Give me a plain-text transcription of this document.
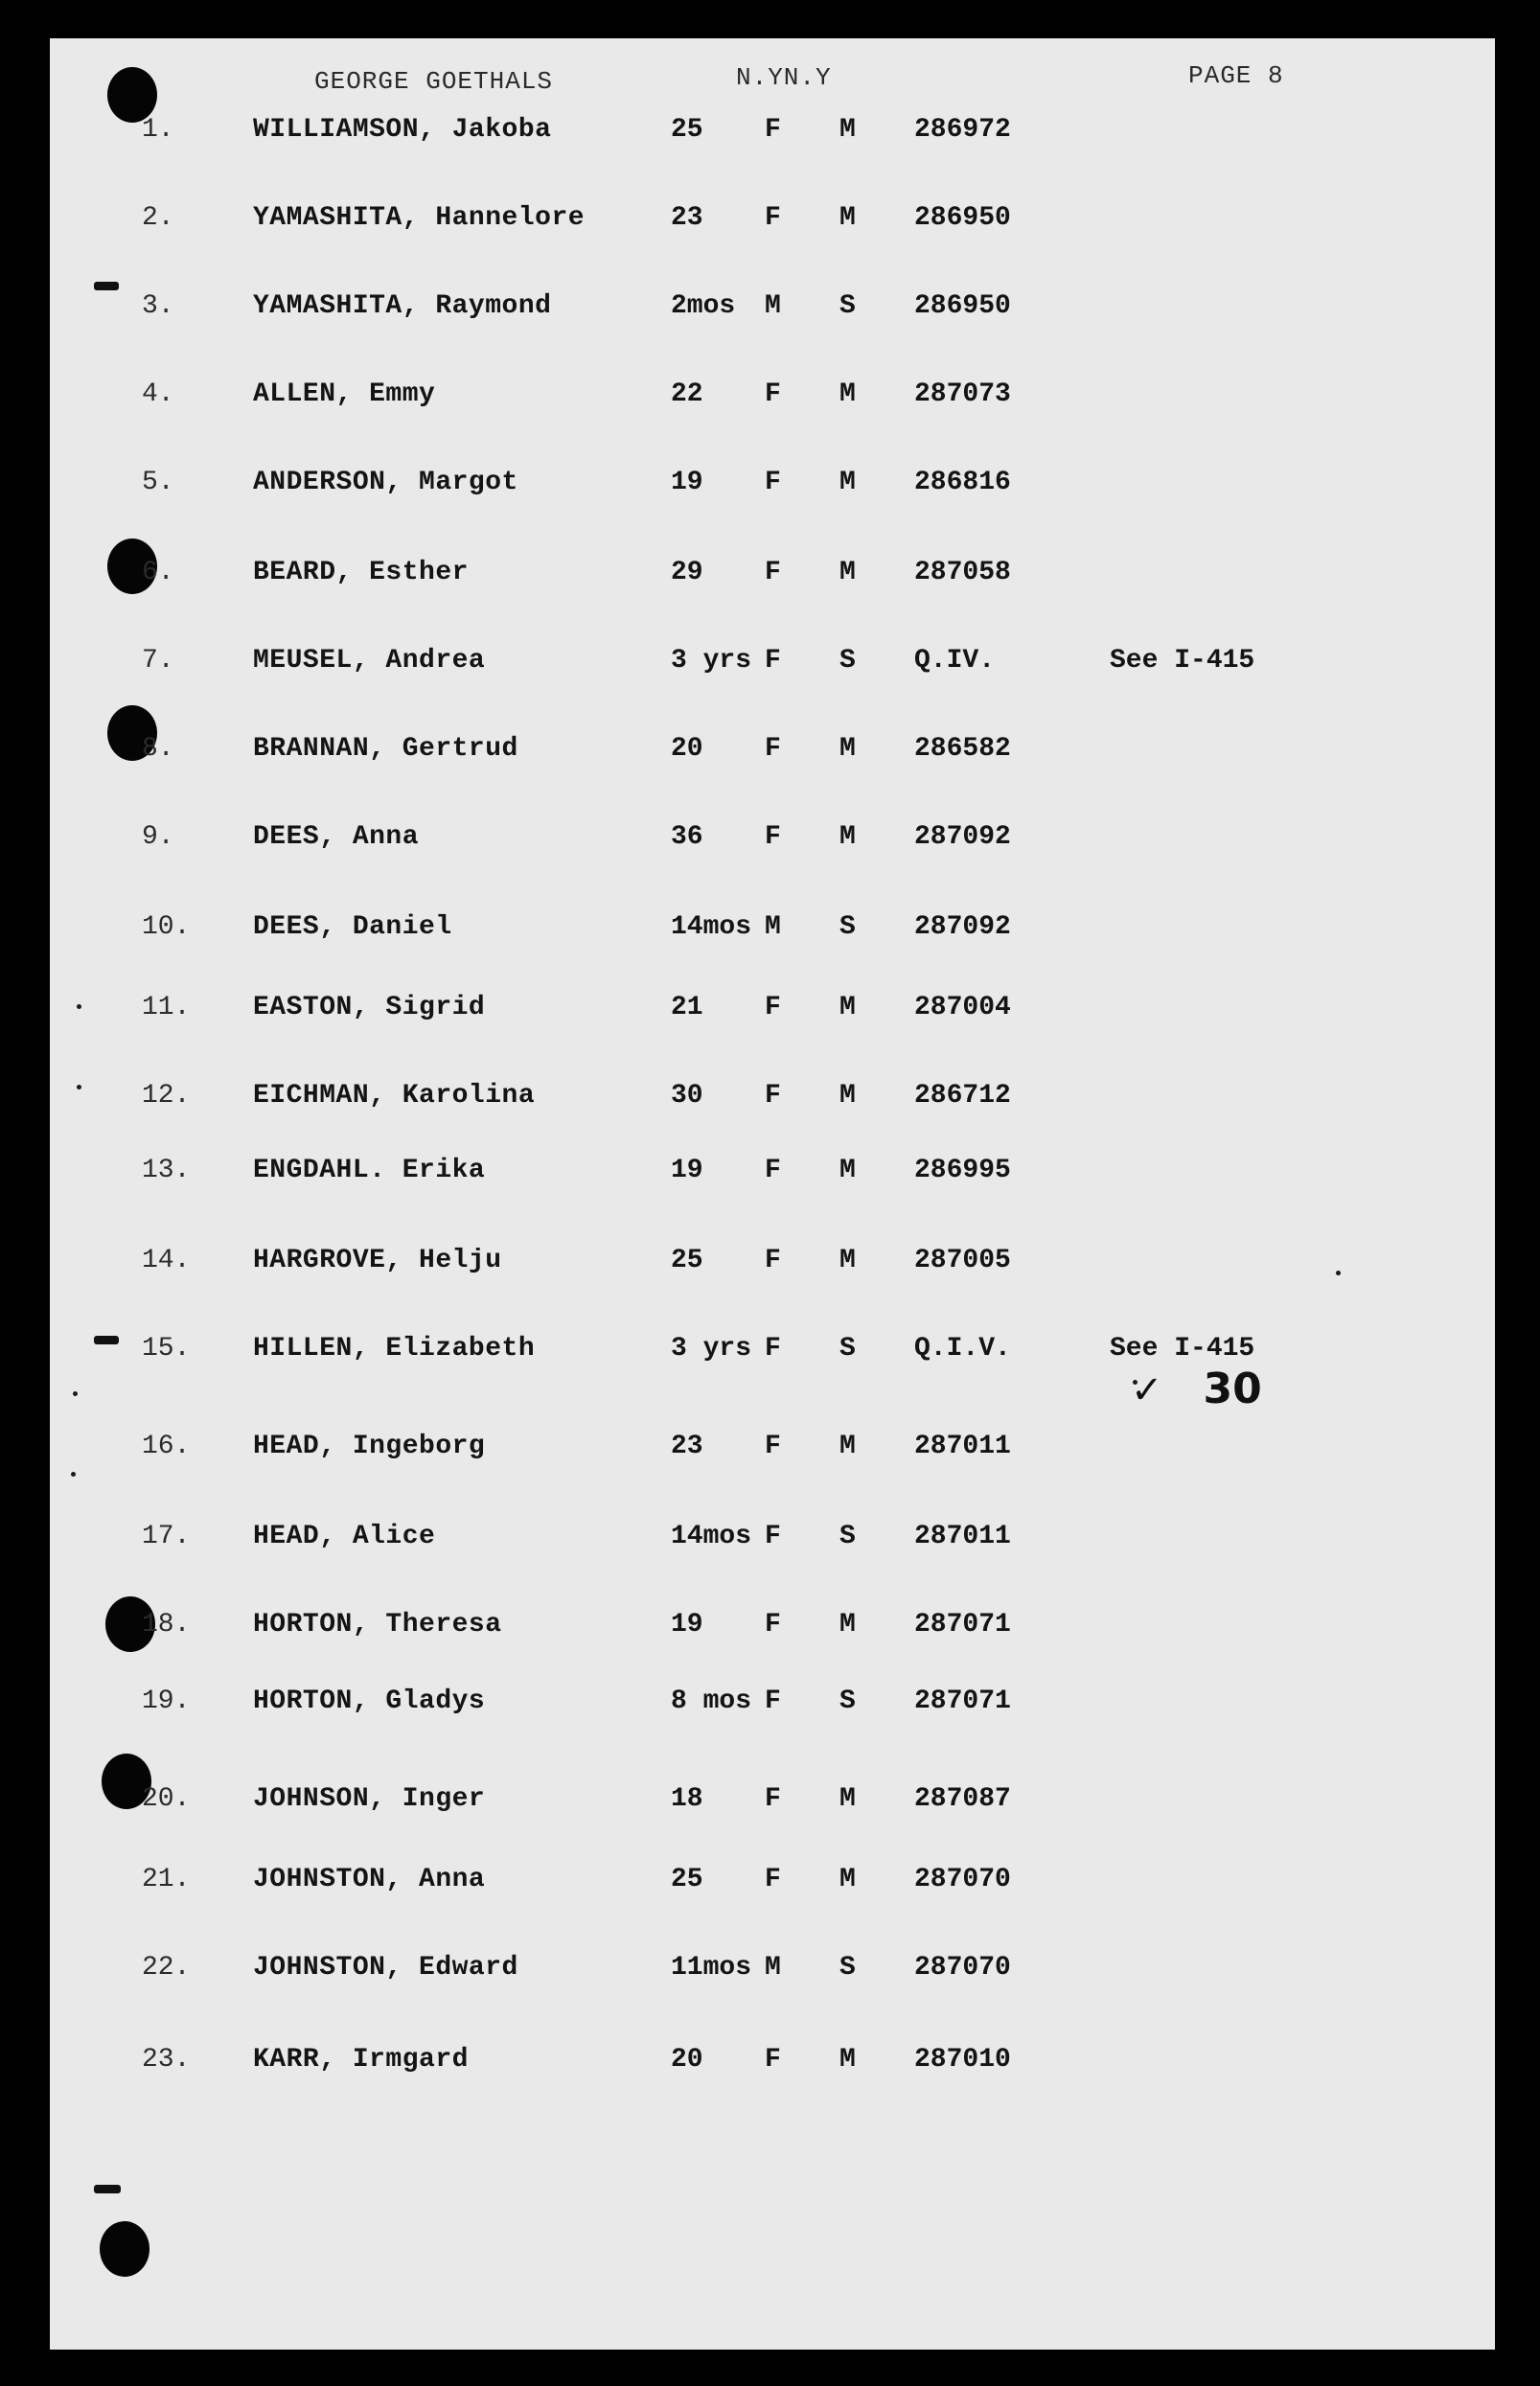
GEORGE GOETHALS	N.YN.Y	PAGE 8
1.	WILLIAMSON, Jakoba	25 F M 286972
2.	YAMASHITA, Hannelore	23 F M 286950
3.	YAMASHITA, Raymond	2mos M S 286950
4.	ALLEN, Emmy	22 F M 287073
5.	ANDERSON, Margot	19 F M 286816
6.	BEARD, Esther	29 F M 287058
7.	MEUSEL, Andrea	3 yrs F S Q.IV.	See I-415
8.	BRANNAN, Gertrud	20 F M 286582
9.	DEES, Anna	36 F M 287092
10. DEES, Daniel	14mos M S 287092
11. EASTON, Sigrid	21 F M 287004
12. EICHMAN, Karolina	30 F M 286712
13. ENGDAHL. Erika	19 F M 286995
14. HARGROVE, Helju	25 F M 287005
15. HILLEN, Elizabeth	3 yrs F S Q.I.V.	See I-415
16. HEAD, Ingeborg	23 F M 287011
17. HEAD, Alice	14mos F S 287011
18. HORTON, Theresa	19 F M 287071
19. HORTON, Gladys	8 mos F S 287071
20. JOHNSON, Inger	18 F M 287087
21. JOHNSTON, Anna	25 F M 287070
22. JOHNSTON, Edward	11mos M S 287070
23. KARR, Irmgard	20 F M 287010
✓ 30
